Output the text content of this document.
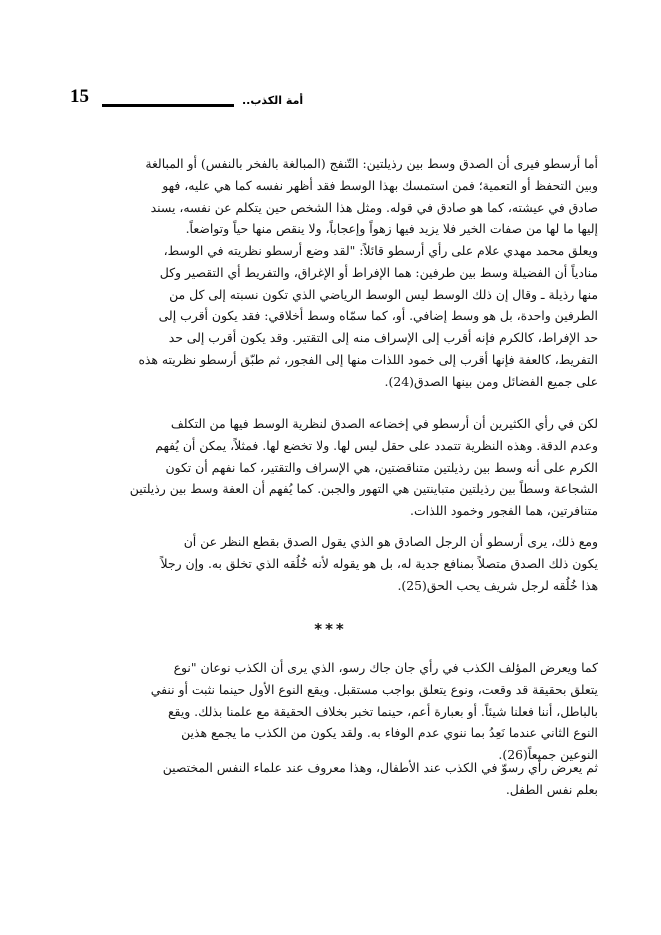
15	أمة الكذب..
أما أرسطو فيرى أن الصدق وسط بين رذيلتين: التّنفج (المبالغة بالفخر بالنفس) أو المبالغة
وبين التحفظ أو التعمية؛ فمن استمسك بهذا الوسط فقد أظهر نفسه كما هي عليه، فهو
صادق في عيشته، كما هو صادق في قوله. ومثل هذا الشخص حين يتكلم عن نفسه، يسند
إليها ما لها من صفات الخير فلا يزيد فيها زهواً وإعجاباً، ولا ينقص منها حياً وتواضعاً.
ويعلق محمد مهدي علام على رأي أرسطو قائلاً: "لقد وضع أرسطو نظريته في الوسط،
منادياً أن الفضيلة وسط بين طرفين: هما الإفراط أو الإغراق، والتفريط أي التقصير وكل
منها رذيلة ـ وقال إن ذلك الوسط ليس الوسط الرياضي الذي تكون نسبته إلى كل من
الطرفين واحدة، بل هو وسط إضافي. أو، كما سمّاه وسط أخلاقي: فقد يكون أقرب إلى
حد الإفراط، كالكرم فإنه أقرب إلى الإسراف منه إلى التقتير. وقد يكون أقرب إلى حد
التفريط، كالعفة فإنها أقرب إلى خمود اللذات منها إلى الفجور، ثم طبّق أرسطو نظريته هذه
على جميع الفضائل ومن بينها الصدق(24).
لكن في رأي الكثيرين أن أرسطو في إخضاعه الصدق لنظرية الوسط فيها من التكلف
وعدم الدقة. وهذه النظرية تتمدد على حقل ليس لها. ولا تخضع لها. فمثلاً، يمكن أن يُفهم
الكرم على أنه وسط بين رذيلتين متناقضتين، هي الإسراف والتقتير، كما نفهم أن تكون
الشجاعة وسطاً بين رذيلتين متباينتين هي التهور والجبن. كما يُفهم أن العفة وسط بين رذيلتين
متنافرتين، هما الفجور وخمود اللذات.
ومع ذلك، يرى أرسطو أن الرجل الصادق هو الذي يقول الصدق بقطع النظر عن أن
يكون ذلك الصدق متصلاً بمنافع جدية له، بل هو يقوله لأنه خُلُقه الذي تخلق به. وإن رجلاً
هذا خُلُقه لرجل شريف يحب الحق(25).
***
كما ويعرض المؤلف الكذب في رأي جان جاك رسو، الذي يرى أن الكذب نوعان "نوع
يتعلق بحقيقة قد وقعت، ونوع يتعلق بواجب مستقبل. ويقع النوع الأول حينما نثبت أو ننفي
بالباطل، أننا فعلنا شيئاً. أو بعبارة أعم، حينما تخبر بخلاف الحقيقة مع علمنا بذلك. ويقع
النوع الثاني عندما نَعِدُ بما ننوي عدم الوفاء به. ولقد يكون من الكذب ما يجمع هذين
النوعين جميعاً(26).
ثم يعرض رأي رسوّ في الكذب عند الأطفال، وهذا معروف عند علماء النفس المختصين
بعلم نفس الطفل.
